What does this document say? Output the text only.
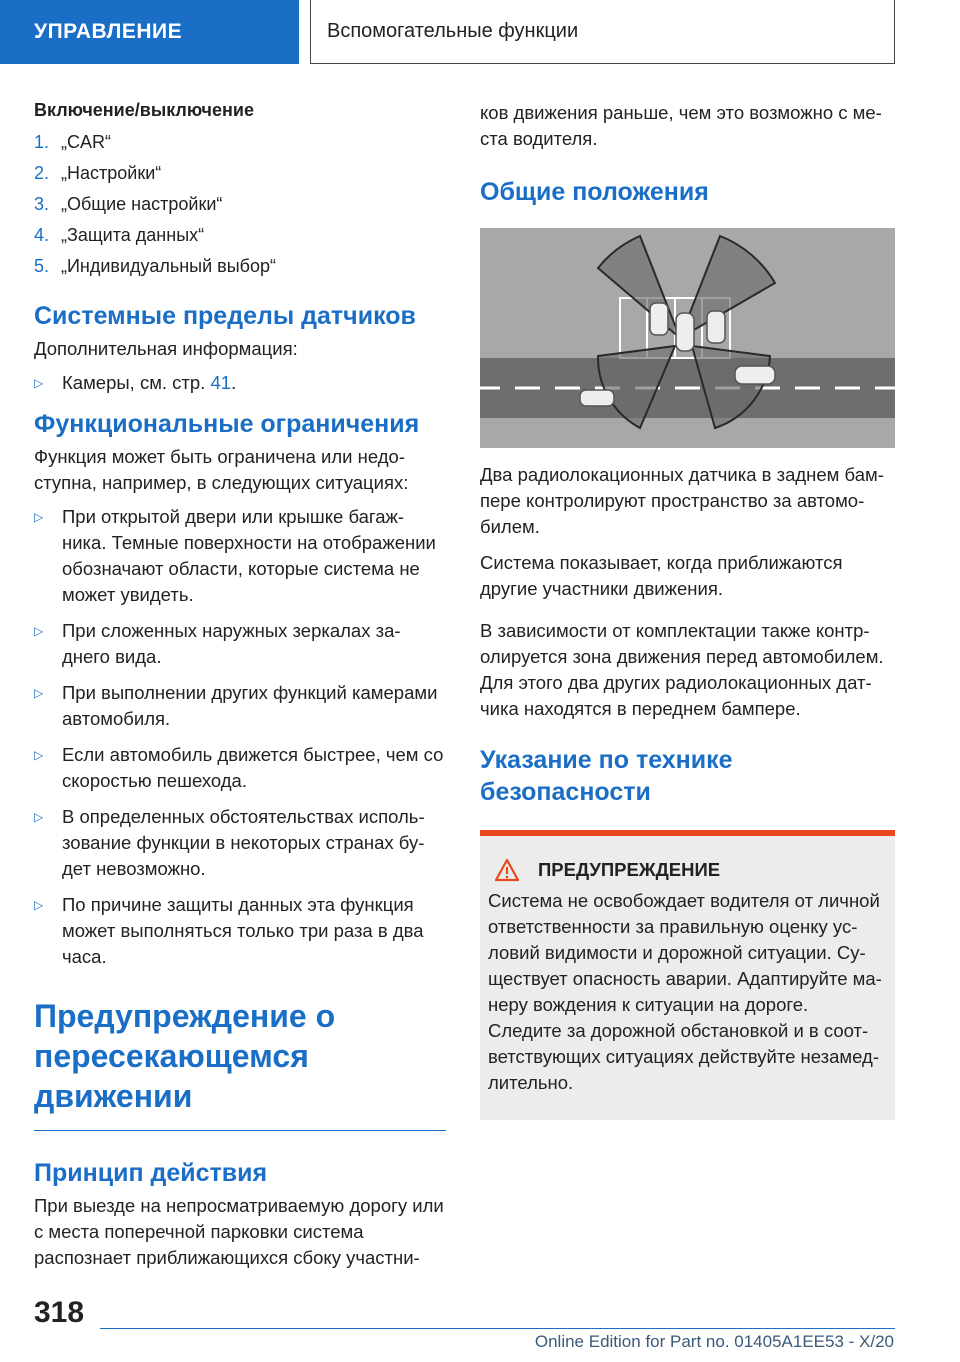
УПРАВЛЕНИЕ	Вспомогательные функции
Включение/выключение
1. „CAR“
2. „Настройки“
3. „Общие настройки“
4. „Защита данных“
5. „Индивидуальный выбор“
Системные пределы датчиков

Дополнительная информация:

▷	Камеры, см. стр. 41.
Функциональные ограничения

Функция может быть ограничена или недо-ступна, например, в следующих ситуациях:

▷	При открытой двери или крышке багаж-ника. Темные поверхности на отображении обозначают области, которые система не может увидеть.
▷	При сложенных наружных зеркалах за-днего вида.
▷	При выполнении других функций камерами автомобиля.
▷	Если автомобиль движется быстрее, чем со скоростью пешехода.
▷	В определенных обстоятельствах исполь-зование функции в некоторых странах бу-дет невозможно.
▷	По причине защиты данных эта функция может выполняться только три раза в два часа.
Предупреждение о пересекающемся движении
Принцип действия

При выезде на непросматриваемую дорогу или с места поперечной парковки система распознает приближающихся сбоку участни-

ков движения раньше, чем это возможно с ме-ста водителя.

Общие положения

Два радиолокационных датчика в заднем бам-пере контролируют пространство за автомо-билем.

Система показывает, когда приближаются другие участники движения.

В зависимости от комплектации также контр-олируется зона движения перед автомобилем. Для этого два других радиолокационных дат-чика находятся в переднем бампере.

Указание по технике безопасности
ПРЕДУПРЕЖДЕНИЕ

Система не освобождает водителя от личной ответственности за правильную оценку ус-ловий видимости и дорожной ситуации. Су-ществует опасность аварии. Адаптируйте ма-неру вождения к ситуации на дороге. Следите за дорожной обстановкой и в соот-ветствующих ситуациях действуйте незамед-лительно.

318
Online Edition for Part no. 01405A1EE53 - X/20
